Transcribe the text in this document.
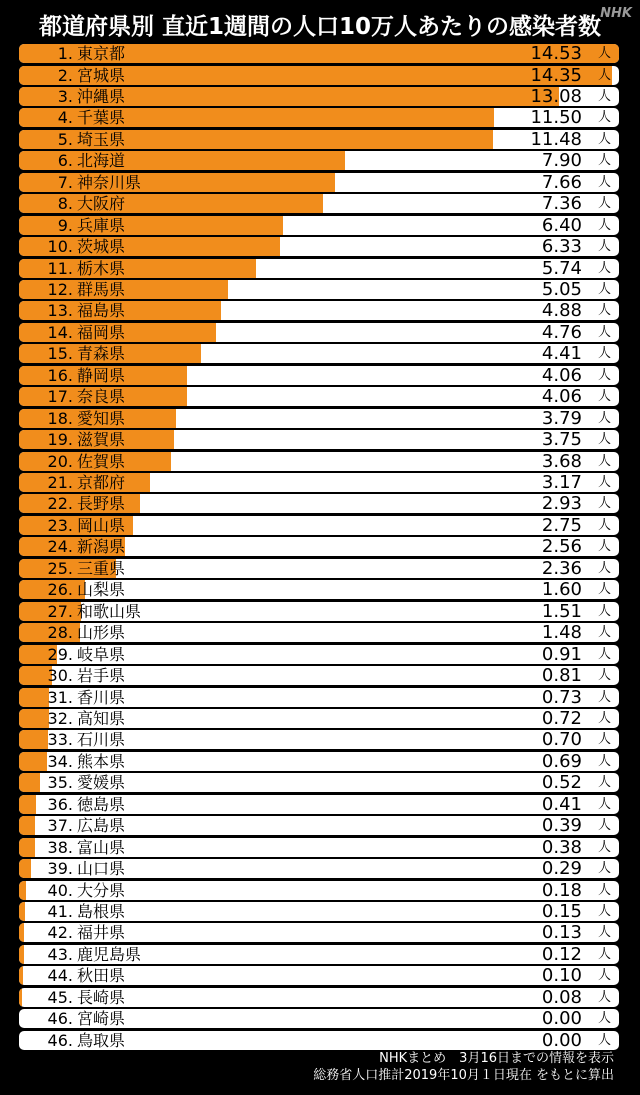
都道府県別 直近1週間の人口10万人あたりの感染者数
NHK
1. 東京都	14.53 人
2. 宮城県	14.35 人
3. 沖縄県	13.08 人
4. 千葉県	11.50 人
5. 埼玉県	11.48 人
6. 北海道	7.90 人
7. 神奈川県	7.66 人
8. 大阪府	7.36 人
9. 兵庫県	6.40 人
10. 茨城県	6.33 人
11. 栃木県	5.74 人
12. 群馬県	5.05 人
13. 福島県	4.88 人
14. 福岡県	4.76 人
15. 青森県	4.41 人
16. 静岡県	4.06 人
17. 奈良県	4.06 人
18. 愛知県	3.79 人
19. 滋賀県	3.75 人
20. 佐賀県	3.68 人
21. 京都府	3.17 人
22. 長野県	2.93 人
23. 岡山県	2.75 人
24. 新潟県	2.56 人
25. 三重県	2.36 人
26. 山梨県	1.60 人
27. 和歌山県	1.51 人
28. 山形県	1.48 人
29. 岐阜県	0.91 人
30. 岩手県	0.81 人
31. 香川県	0.73 人
32. 高知県	0.72 人
33. 石川県	0.70 人
34. 熊本県	0.69 人
35. 愛媛県	0.52 人
36. 徳島県	0.41 人
37. 広島県	0.39 人
38. 富山県	0.38 人
39. 山口県	0.29 人
40. 大分県	0.18 人
41. 島根県	0.15 人
42. 福井県	0.13 人
43. 鹿児島県	0.12 人
44. 秋田県	0.10 人
45. 長崎県	0.08 人
46. 宮崎県	0.00 人
46. 鳥取県	0.00 人
NHKまとめ　3月16日までの情報を表示
総務省人口推計2019年10月１日現在 をもとに算出
